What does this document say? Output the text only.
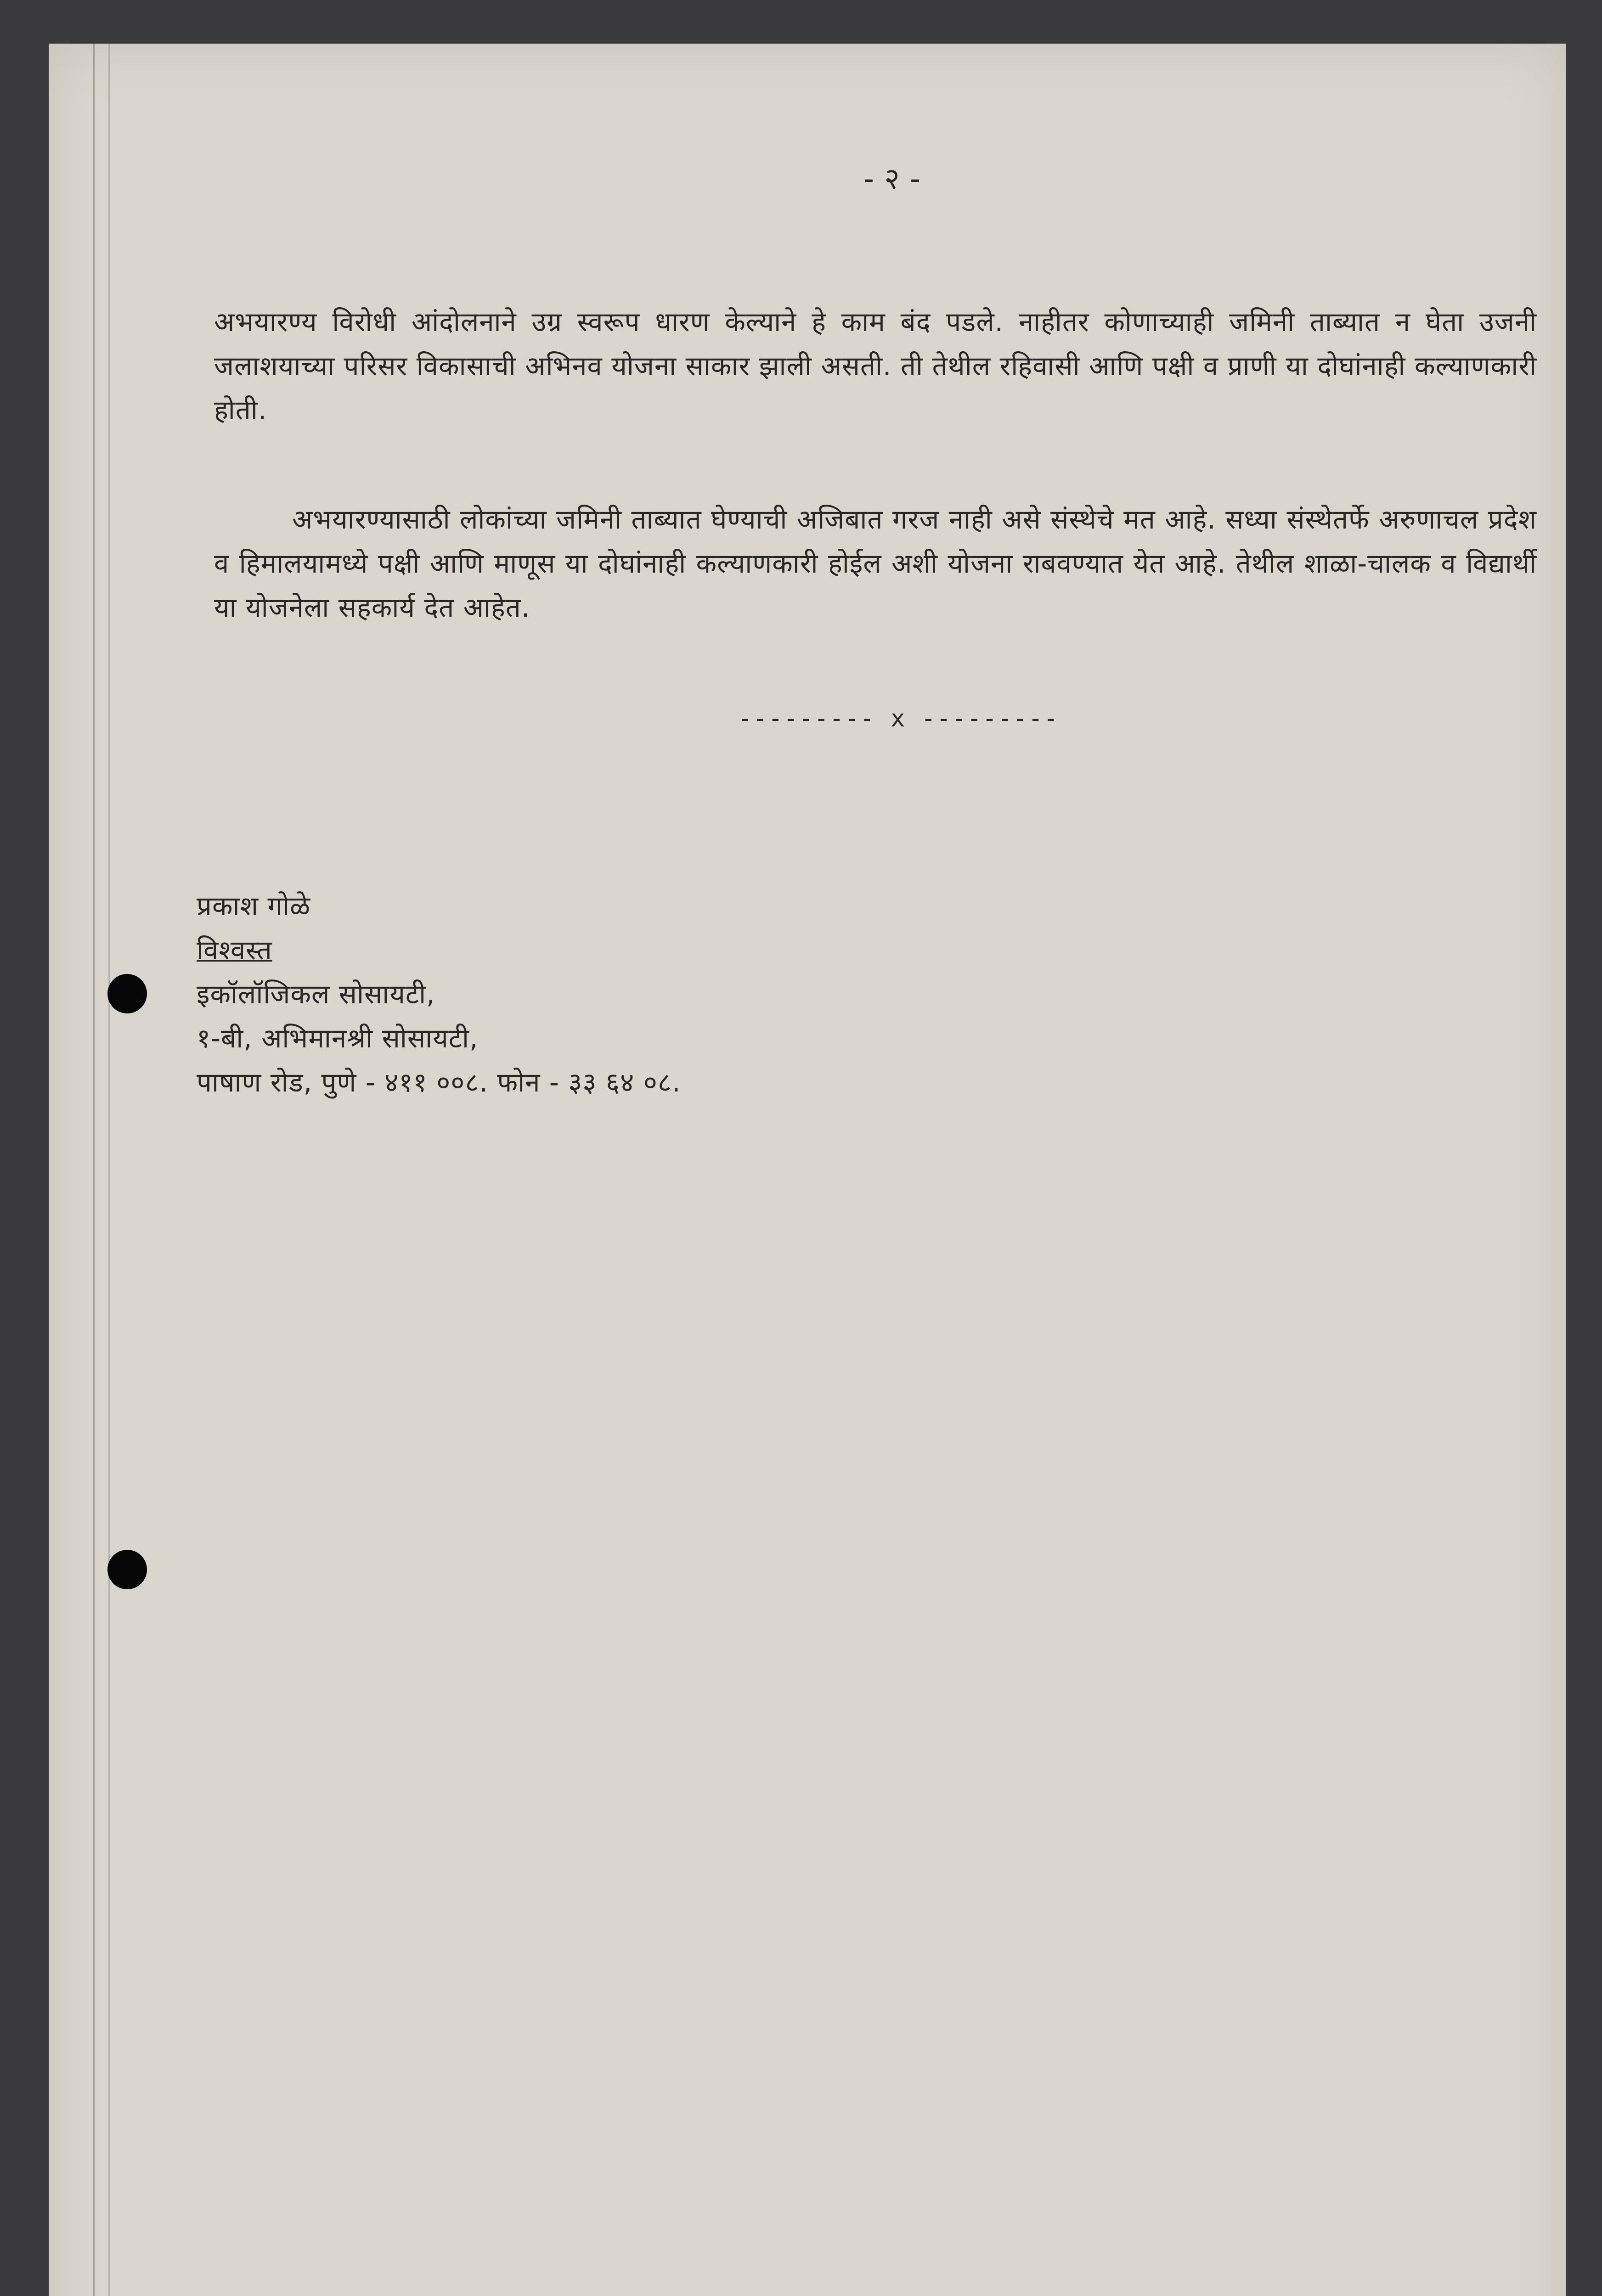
- २ -

अभयारण्य विरोधी आंदोलनाने उग्र स्वरूप धारण केल्याने हे काम बंद पडले. नाहीतर कोणाच्याही जमिनी ताब्यात न घेता उजनी जलाशयाच्या परिसर विकासाची अभिनव योजना साकार झाली असती. ती तेथील रहिवासी आणि पक्षी व प्राणी या दोघांनाही कल्याणकारी होती.

अभयारण्यासाठी लोकांच्या जमिनी ताब्यात घेण्याची अजिबात गरज नाही असे संस्थेचे मत आहे. सध्या संस्थेतर्फे अरुणाचल प्रदेश व हिमालयामध्ये पक्षी आणि माणूस या दोघांनाही कल्याणकारी होईल अशी योजना राबवण्यात येत आहे. तेथील शाळा-चालक व विद्यार्थी या योजनेला सहकार्य देत आहेत.

--------- x ---------
प्रकाश गोळे
विश्वस्त
इकॉलॉजिकल सोसायटी,
१-बी, अभिमानश्री सोसायटी,
पाषाण रोड, पुणे - ४११ ००८. फोन - ३३ ६४ ०८.
